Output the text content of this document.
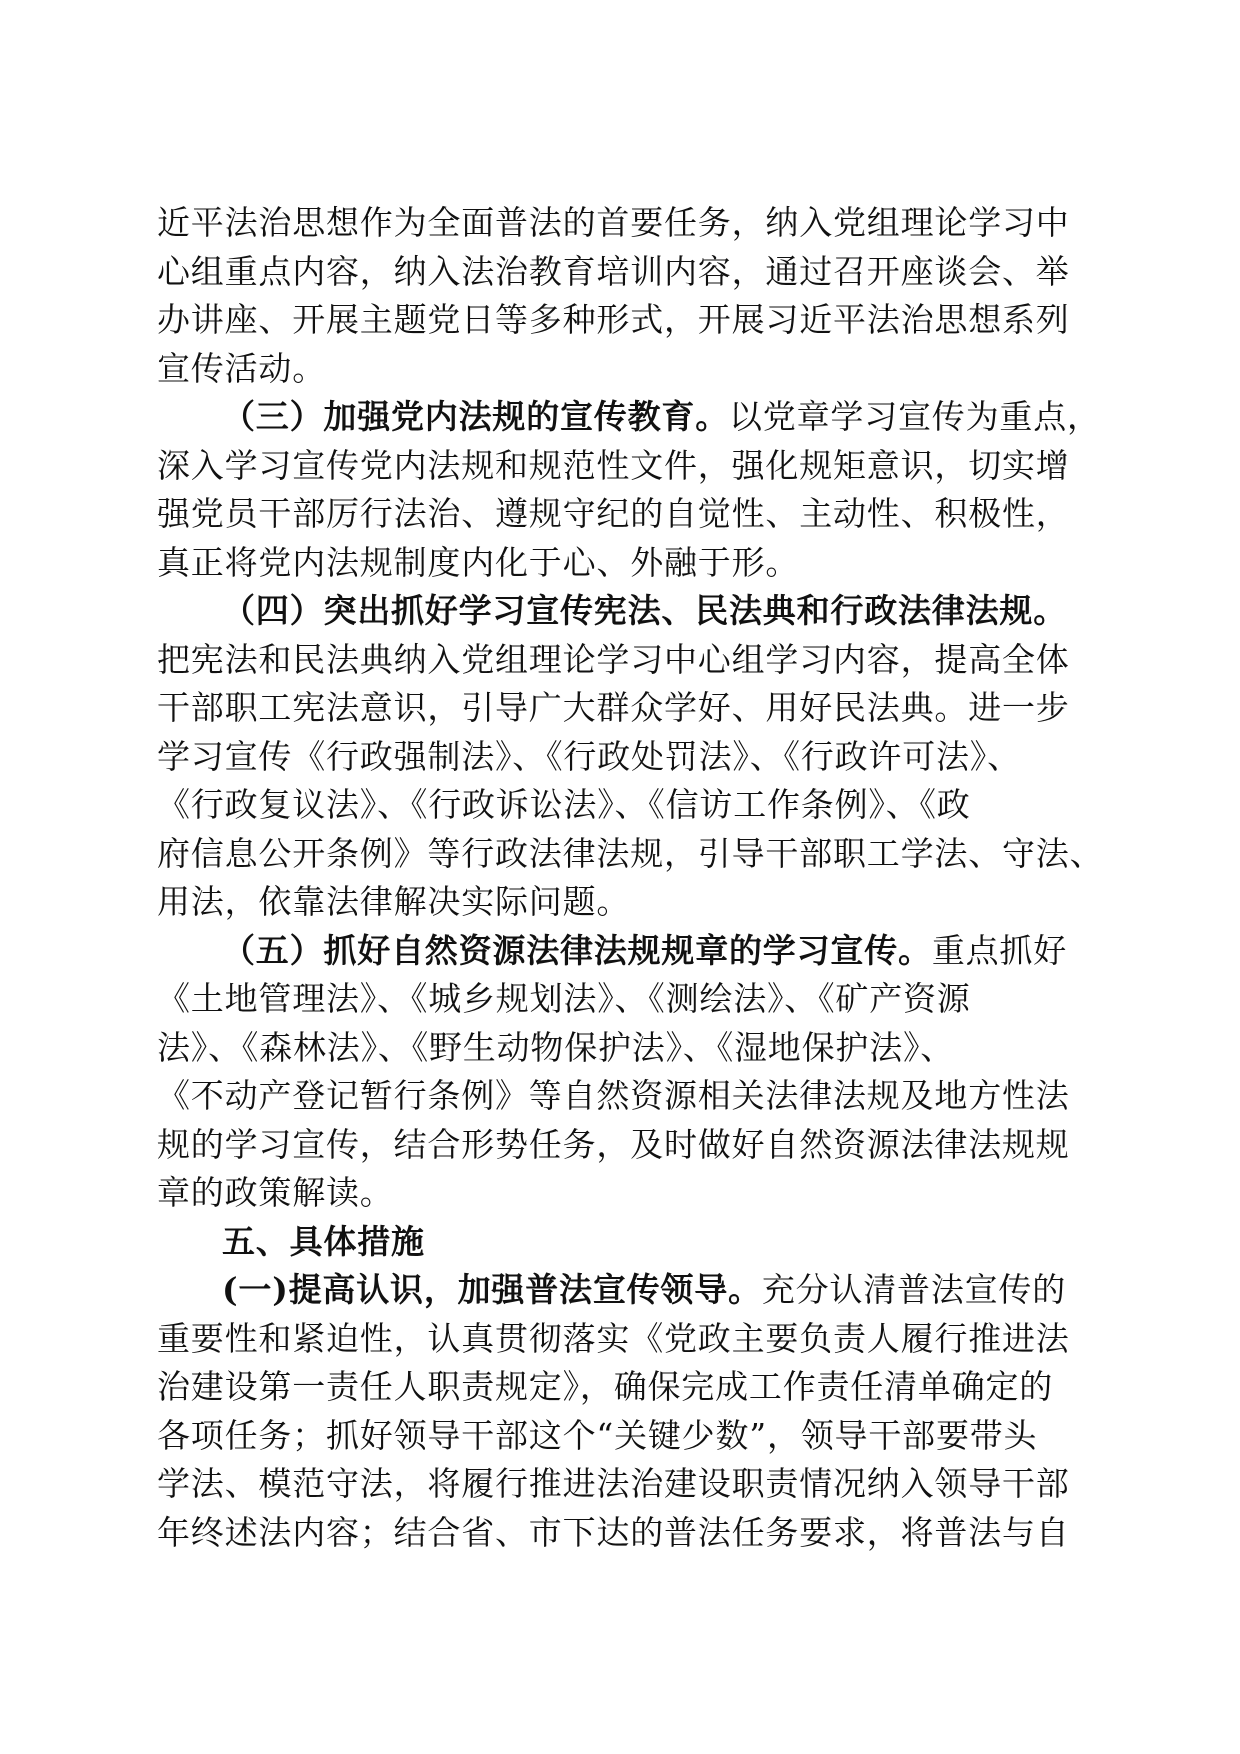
近平法治思想作为全面普法的首要任务，纳入党组理论学习中
心组重点内容，纳入法治教育培训内容，通过召开座谈会、举
办讲座、开展主题党日等多种形式，开展习近平法治思想系列
宣传活动。
（三）加强党内法规的宣传教育。以党章学习宣传为重点，
深入学习宣传党内法规和规范性文件，强化规矩意识，切实增
强党员干部厉行法治、遵规守纪的自觉性、主动性、积极性，
真正将党内法规制度内化于心、外融于形。
（四）突出抓好学习宣传宪法、民法典和行政法律法规。
把宪法和民法典纳入党组理论学习中心组学习内容，提高全体
干部职工宪法意识，引导广大群众学好、用好民法典。进一步
学习宣传《行政强制法》、《行政处罚法》、《行政许可法》、
《行政复议法》、《行政诉讼法》、《信访工作条例》、《政
府信息公开条例》等行政法律法规，引导干部职工学法、守法、
用法，依靠法律解决实际问题。
（五）抓好自然资源法律法规规章的学习宣传。重点抓好
《土地管理法》、《城乡规划法》、《测绘法》、《矿产资源
法》、《森林法》、《野生动物保护法》、《湿地保护法》、
《不动产登记暂行条例》等自然资源相关法律法规及地方性法
规的学习宣传，结合形势任务，及时做好自然资源法律法规规
章的政策解读。
五、具体措施
(一)提高认识，加强普法宣传领导。充分认清普法宣传的
重要性和紧迫性，认真贯彻落实《党政主要负责人履行推进法
治建设第一责任人职责规定》，确保完成工作责任清单确定的
各项任务；抓好领导干部这个“关键少数”，领导干部要带头
学法、模范守法，将履行推进法治建设职责情况纳入领导干部
年终述法内容；结合省、市下达的普法任务要求，将普法与自
